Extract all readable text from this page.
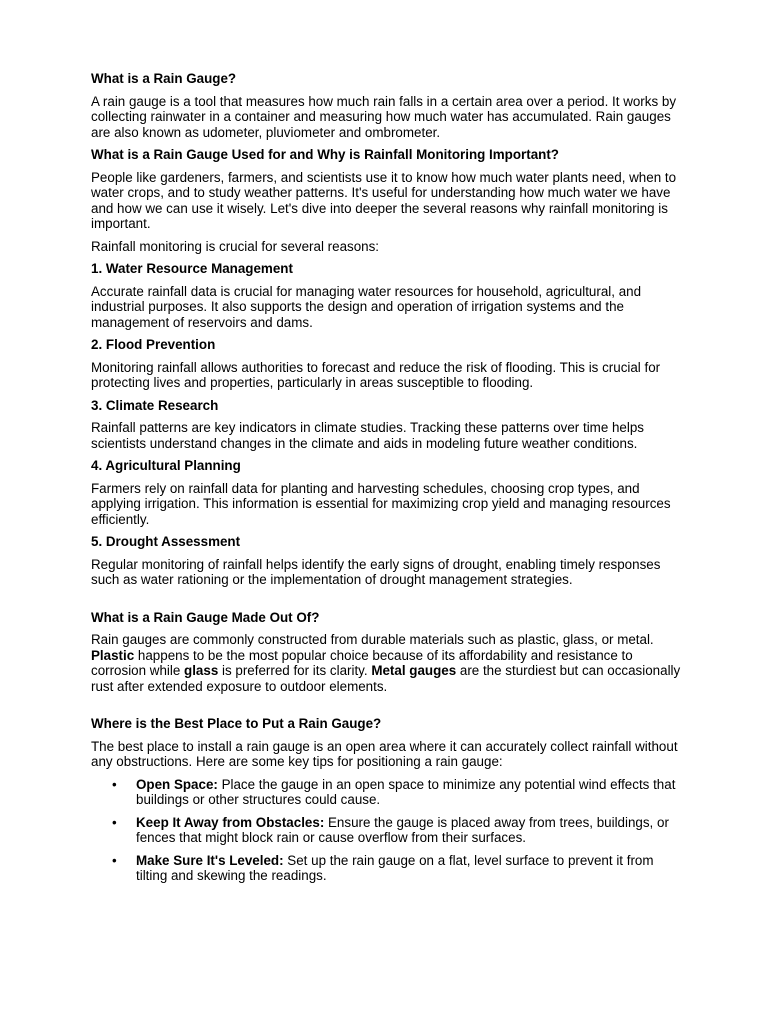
What is a Rain Gauge?
A rain gauge is a tool that measures how much rain falls in a certain area over a period. It works by collecting rainwater in a container and measuring how much water has accumulated. Rain gauges are also known as udometer, pluviometer and ombrometer.
What is a Rain Gauge Used for and Why is Rainfall Monitoring Important?
People like gardeners, farmers, and scientists use it to know how much water plants need, when to water crops, and to study weather patterns. It's useful for understanding how much water we have and how we can use it wisely. Let's dive into deeper the several reasons why rainfall monitoring is important.
Rainfall monitoring is crucial for several reasons:
1. Water Resource Management
Accurate rainfall data is crucial for managing water resources for household, agricultural, and industrial purposes. It also supports the design and operation of irrigation systems and the management of reservoirs and dams.
2. Flood Prevention
Monitoring rainfall allows authorities to forecast and reduce the risk of flooding. This is crucial for protecting lives and properties, particularly in areas susceptible to flooding.
3. Climate Research
Rainfall patterns are key indicators in climate studies. Tracking these patterns over time helps scientists understand changes in the climate and aids in modeling future weather conditions.
4. Agricultural Planning
Farmers rely on rainfall data for planting and harvesting schedules, choosing crop types, and applying irrigation. This information is essential for maximizing crop yield and managing resources efficiently.
5. Drought Assessment
Regular monitoring of rainfall helps identify the early signs of drought, enabling timely responses such as water rationing or the implementation of drought management strategies.
What is a Rain Gauge Made Out Of?
Rain gauges are commonly constructed from durable materials such as plastic, glass, or metal. Plastic happens to be the most popular choice because of its affordability and resistance to corrosion while glass is preferred for its clarity. Metal gauges are the sturdiest but can occasionally rust after extended exposure to outdoor elements.
Where is the Best Place to Put a Rain Gauge?
The best place to install a rain gauge is an open area where it can accurately collect rainfall without any obstructions. Here are some key tips for positioning a rain gauge:
• Open Space: Place the gauge in an open space to minimize any potential wind effects that buildings or other structures could cause.
• Keep It Away from Obstacles: Ensure the gauge is placed away from trees, buildings, or fences that might block rain or cause overflow from their surfaces.
• Make Sure It's Leveled: Set up the rain gauge on a flat, level surface to prevent it from tilting and skewing the readings.
